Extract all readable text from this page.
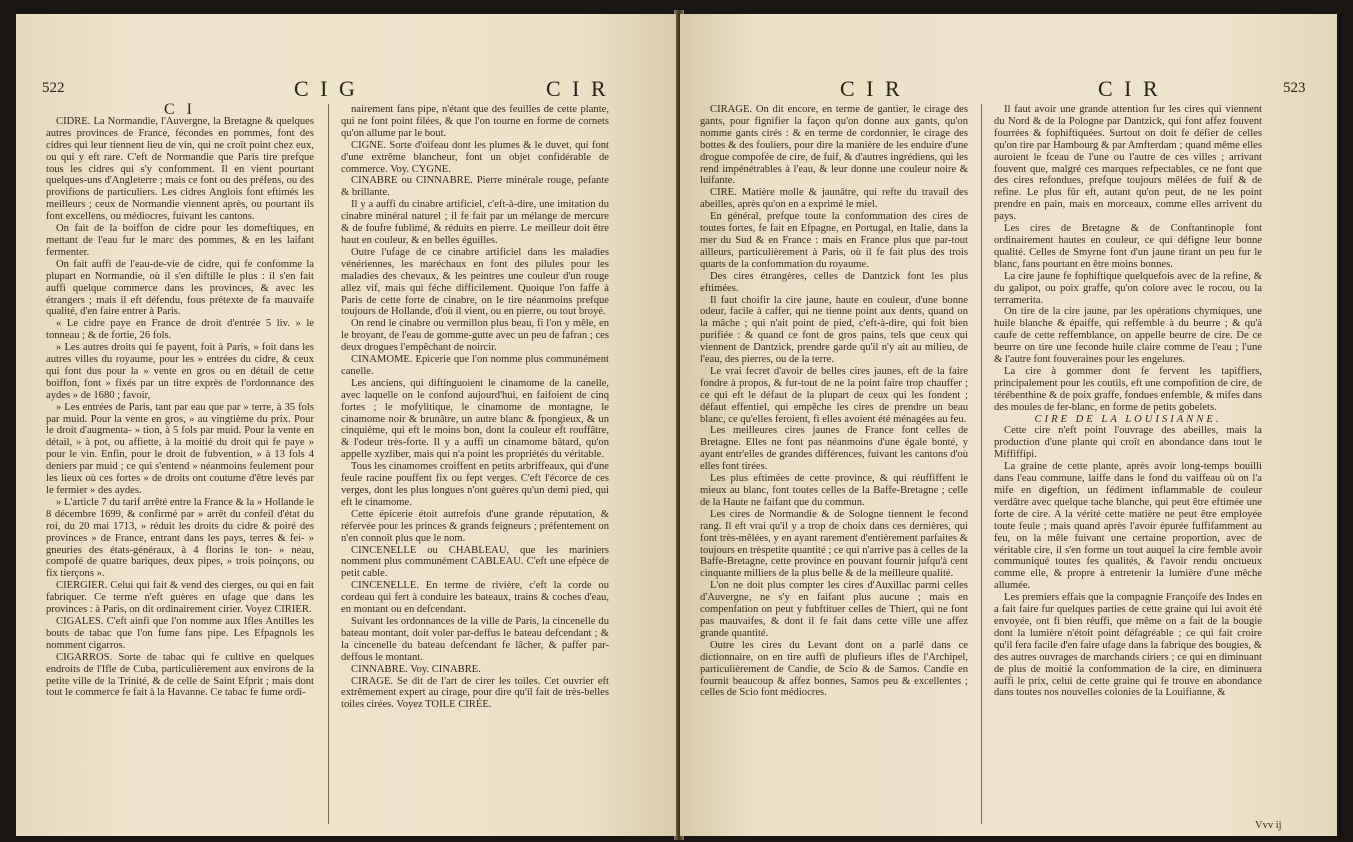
522	C I G	C I R

C I

CIDRE. La Normandie, l'Auvergne, la Bretagne & quelques autres provinces de France, fécondes en pommes, font des cidres qui leur tiennent lieu de vin, qui ne croît point chez eux, ou qui y eft rare. C'eft de Normandie que Paris tire prefque tous les cidres qui s'y confomment. Il en vient pourtant quelques-uns d'Angleterre ; mais ce font ou des préfens, ou des provifions de particuliers. Les cidres Anglois font eftimés les meilleurs ; ceux de Normandie viennent après, ou pourtant ils font excellens, ou médiocres, fuivant les cantons.

On fait de la boiffon de cidre pour les domeftiques, en mettant de l'eau fur le marc des pommes, & en les laifant fermenter.

On fait auffi de l'eau-de-vie de cidre, qui fe confomme la plupart en Normandie, où il s'en diftille le plus : il s'en fait auffi quelque commerce dans les provinces, & avec les étrangers ; mais il eft défendu, fous prétexte de fa mauvaife qualité, d'en faire entrer à Paris.

« Le cidre paye en France de droit d'entrée 5 liv. » le tonneau ; & de fortie, 26 fols.

» Les autres droits qui fe payent, foit à Paris, » foit dans les autres villes du royaume, pour les » entrées du cidre, & ceux qui font dus pour la » vente en gros ou en détail de cette boiffon, font » fixés par un titre exprès de l'ordonnance des aydes » de 1680 ; favoir,

» Les entrées de Paris, tant par eau que par » terre, à 35 fols par muid. Pour la vente en gros, » au vingtième du prix. Pour le droit d'augmenta- » tion, à 5 fols par muid. Pour la vente en détail, » à pot, ou affiette, à la moitié du droit qui fe paye » pour le vin. Enfin, pour le droit de fubvention, » à 13 fols 4 deniers par muid ; ce qui s'entend » néanmoins feulement pour les lieux où ces fortes » de droits ont coutume d'être levés par le fermier » des aydes.

» L'article 7 du tarif arrêté entre la France & la » Hollande le 8 décembre 1699, & confirmé par » arrêt du confeil d'état du roi, du 20 mai 1713, » réduit les droits du cidre & poiré des provinces » de France, entrant dans les pays, terres & fei- » gneuries des états-généraux, à 4 florins le ton- » neau, compofé de quatre bariques, deux pipes, » trois poinçons, ou fix tierçons ».

CIERGIER. Celui qui fait & vend des cierges, ou qui en fait fabriquer. Ce terme n'eft guères en ufage que dans les provinces : à Paris, on dit ordinairement cirier. Voyez CIRIER.

CIGALES. C'eft ainfi que l'on nomme aux Ifles Antilles les bouts de tabac que l'on fume fans pipe. Les Efpagnols les nomment cigarros.

CIGARROS. Sorte de tabac qui fe cultive en quelques endroits de l'Ifle de Cuba, particulièrement aux environs de la petite ville de la Trinité, & de celle de Saint Efprit ; mais dont tout le commerce fe fait à la Havanne. Ce tabac fe fume ordi-

nairement fans pipe, n'étant que des feuilles de cette plante, qui ne font point filées, & que l'on tourne en forme de cornets qu'on allume par le bout.

CIGNE. Sorte d'oifeau dont les plumes & le duvet, qui font d'une extrême blancheur, font un objet confidérable de commerce. Voy. CYGNE.

CINABRE ou CINNABRE. Pierre minérale rouge, pefante & brillante.

Il y a auffi du cinabre artificiel, c'eft-à-dire, une imitation du cinabre minéral naturel ; il fe fait par un mélange de mercure & de foufre fublimé, & réduits en pierre. Le meilleur doit être haut en couleur, & en belles éguilles.

Outre l'ufage de ce cinabre artificiel dans les maladies vénériennes, les maréchaux en font des pilules pour les maladies des chevaux, & les peintres une couleur d'un rouge allez vif, mais qui féche difficilement. Quoique l'on faffe à Paris de cette forte de cinabre, on le tire néanmoins prefque toujours de Hollande, d'où il vient, ou en pierre, ou tout broyé.

On rend le cinabre ou vermillon plus beau, fi l'on y mêle, en le broyant, de l'eau de gomme-gutte avec un peu de fafran ; ces deux drogues l'empêchant de noircir.

CINAMOME. Epicerie que l'on nomme plus communément canelle.

Les anciens, qui diftinguoient le cinamome de la canelle, avec laquelle on le confond aujourd'hui, en faifoient de cinq fortes ; le mofylitique, le cinamome de montagne, le cinamome noir & brunâtre, un autre blanc & fpongieux, & un cinquième, qui eft le moins bon, dont la couleur eft rouffâtre, & l'odeur très-forte. Il y a auffi un cinamome bâtard, qu'on appelle xyzliber, mais qui n'a point les propriétés du véritable.

Tous les cinamomes croiffent en petits arbriffeaux, qui d'une feule racine pouffent fix ou fept verges. C'eft l'écorce de ces verges, dont les plus longues n'ont guères qu'un demi pied, qui eft le cinamome.

Cette épicerie étoit autrefois d'une grande réputation, & réfervée pour les princes & grands feigneurs ; préfentement on n'en connoît plus que le nom.

CINCENELLE ou CHABLEAU, que les mariniers nomment plus communément CABLEAU. C'eft une efpèce de petit cable.

CINCENELLE. En terme de rivière, c'eft la corde ou cordeau qui fert à conduire les bateaux, trains & coches d'eau, en montant ou en defcendant.

Suivant les ordonnances de la ville de Paris, la cincenelle du bateau montant, doit voler par-deffus le bateau defcendant ; & la cincenelle du bateau defcendant fe lâcher, & paffer par-deffous le montant.

CINNABRE. Voy. CINABRE.

CIRAGE. Se dit de l'art de cirer les toiles. Cet ouvrier eft extrêmement expert au cirage, pour dire qu'il fait de très-belles toiles cirées. Voyez TOILE CIRÉE.

C I R	C I R	523

CIRAGE. On dit encore, en terme de gantier, le cirage des gants, pour fignifier la façon qu'on donne aux gants, qu'on nomme gants cirés : & en terme de cordonnier, le cirage des bottes & des fouliers, pour dire la manière de les enduire d'une drogue compofée de cire, de fuif, & d'autres ingrédiens, qui les rend impénétrables à l'eau, & leur donne une couleur noire & luifante.

CIRE. Matière molle & jaunâtre, qui refte du travail des abeilles, après qu'on en a exprimé le miel.

En général, prefque toute la confommation des cires de toutes fortes, fe fait en Efpagne, en Portugal, en Italie, dans la mer du Sud & en France : mais en France plus que par-tout ailleurs, particulièrement à Paris, où il fe fait plus des trois quarts de la confommation du royaume.

Des cires étrangères, celles de Dantzick font les plus eftimées.

Il faut choifir la cire jaune, haute en couleur, d'une bonne odeur, facile à caffer, qui ne tienne point aux dents, quand on la mâche ; qui n'ait point de pied, c'eft-à-dire, qui foit bien purifiée : & quand ce font de gros pains, tels que ceux qui viennent de Dantzick, prendre garde qu'il n'y ait au milieu, de l'eau, des pierres, ou de la terre.

Le vrai fecret d'avoir de belles cires jaunes, eft de la faire fondre à propos, & fur-tout de ne la point faire trop chauffer ; ce qui eft le défaut de la plupart de ceux qui les fondent ; défaut effentiel, qui empêche les cires de prendre un beau blanc, ce qu'elles feroient, fi elles avoient été ménagées au feu.

Les meilleures cires jaunes de France font celles de Bretagne. Elles ne font pas néanmoins d'une égale bonté, y ayant entr'elles de grandes différences, fuivant les cantons d'où elles font tirées.

Les plus eftimées de cette province, & qui réuffiffent le mieux au blanc, font toutes celles de la Baffe-Bretagne ; celle de la Haute ne faifant que du commun.

Les cires de Normandie & de Sologne tiennent le fecond rang. Il eft vrai qu'il y a trop de choix dans ces dernières, qui font très-mêlées, y en ayant rarement d'entièrement parfaites & toujours en trèspetite quantité ; ce qui n'arrive pas à celles de la Baffe-Bretagne, cette province en pouvant fournir jufqu'à cent cinquante milliers de la plus belle & de la meilleure qualité.

L'on ne doit plus compter les cires d'Auxillac parmi celles d'Auvergne, ne s'y en faifant plus aucune ; mais en compenfation on peut y fubftituer celles de Thiert, qui ne font pas mauvaifes, & dont il fe fait dans cette ville une affez grande quantité.

Outre les cires du Levant dont on a parlé dans ce dictionnaire, on en tire auffi de plufieurs ifles de l'Archipel, particulièrement de Candie, de Scio & de Samos. Candie en fournit beaucoup & affez bonnes, Samos peu & excellentes ; celles de Scio font médiocres.

Il faut avoir une grande attention fur les cires qui viennent du Nord & de la Pologne par Dantzick, qui font affez fouvent fourrées & fophiftiquées. Surtout on doit fe défier de celles qu'on tire par Hambourg & par Amfterdam ; quand même elles auroient le fceau de l'une ou l'autre de ces villes ; arrivant fouvent que, malgré ces marques refpectables, ce ne font que des cires refondues, prefque toujours mêlées de fuif & de refine. Le plus fûr eft, autant qu'on peut, de ne les point prendre en pain, mais en morceaux, comme elles arrivent du pays.

Les cires de Bretagne & de Conftantinople font ordinairement hautes en couleur, ce qui défigne leur bonne qualité. Celles de Smyrne font d'un jaune tirant un peu fur le blanc, fans pourtant en être moins bonnes.

La cire jaune fe fophiftique quelquefois avec de la refine, & du galipot, ou poix graffe, qu'on colore avec le rocou, ou la terramerita.

On tire de la cire jaune, par les opérations chymiques, une huile blanche & épaiffe, qui reffemble à du beurre ; & qu'à caufe de cette reffemblance, on appelle beurre de cire. De ce beurre on tire une feconde huile claire comme de l'eau ; l'une & l'autre font fouveraines pour les engelures.

La cire à gommer dont fe fervent les tapiffiers, principalement pour les coutils, eft une compofition de cire, de térébenthine & de poix graffe, fondues enfemble, & mifes dans des moules de fer-blanc, en forme de petits gobelets.

CIRE DE LA LOUISIANNE.

Cette cire n'eft point l'ouvrage des abeilles, mais la production d'une plante qui croît en abondance dans tout le Miffiffipi.

La graine de cette plante, après avoir long-temps bouilli dans l'eau commune, laiffe dans le fond du vaiffeau où on l'a mife en digeftion, un fédiment inflammable de couleur verdâtre avec quelque tache blanche, qui peut être eftimée une forte de cire. A la vérité cette matière ne peut être employée toute feule ; mais quand après l'avoir épurée fuffifamment au feu, on la mêle fuivant une certaine proportion, avec de véritable cire, il s'en forme un tout auquel la cire femble avoir communiqué toutes fes qualités, & l'avoir rendu onctueux comme elle, & propre à entretenir la lumière d'une mêche allumée.

Les premiers effais que la compagnie Françoife des Indes en a fait faire fur quelques parties de cette graine qui lui avoit été envoyée, ont fi bien réuffi, que même on a fait de la bougie dont la lumière n'étoit point défagréable ; ce qui fait croire qu'il fera facile d'en faire ufage dans la fabrique des bougies, & des autres ouvrages de marchands ciriers ; ce qui en diminuant de plus de moitié la confommation de la cire, en diminuera auffi le prix, celui de cette graine qui fe trouve en abondance dans toutes nos nouvelles colonies de la Louifianne, &

Vvv ij
